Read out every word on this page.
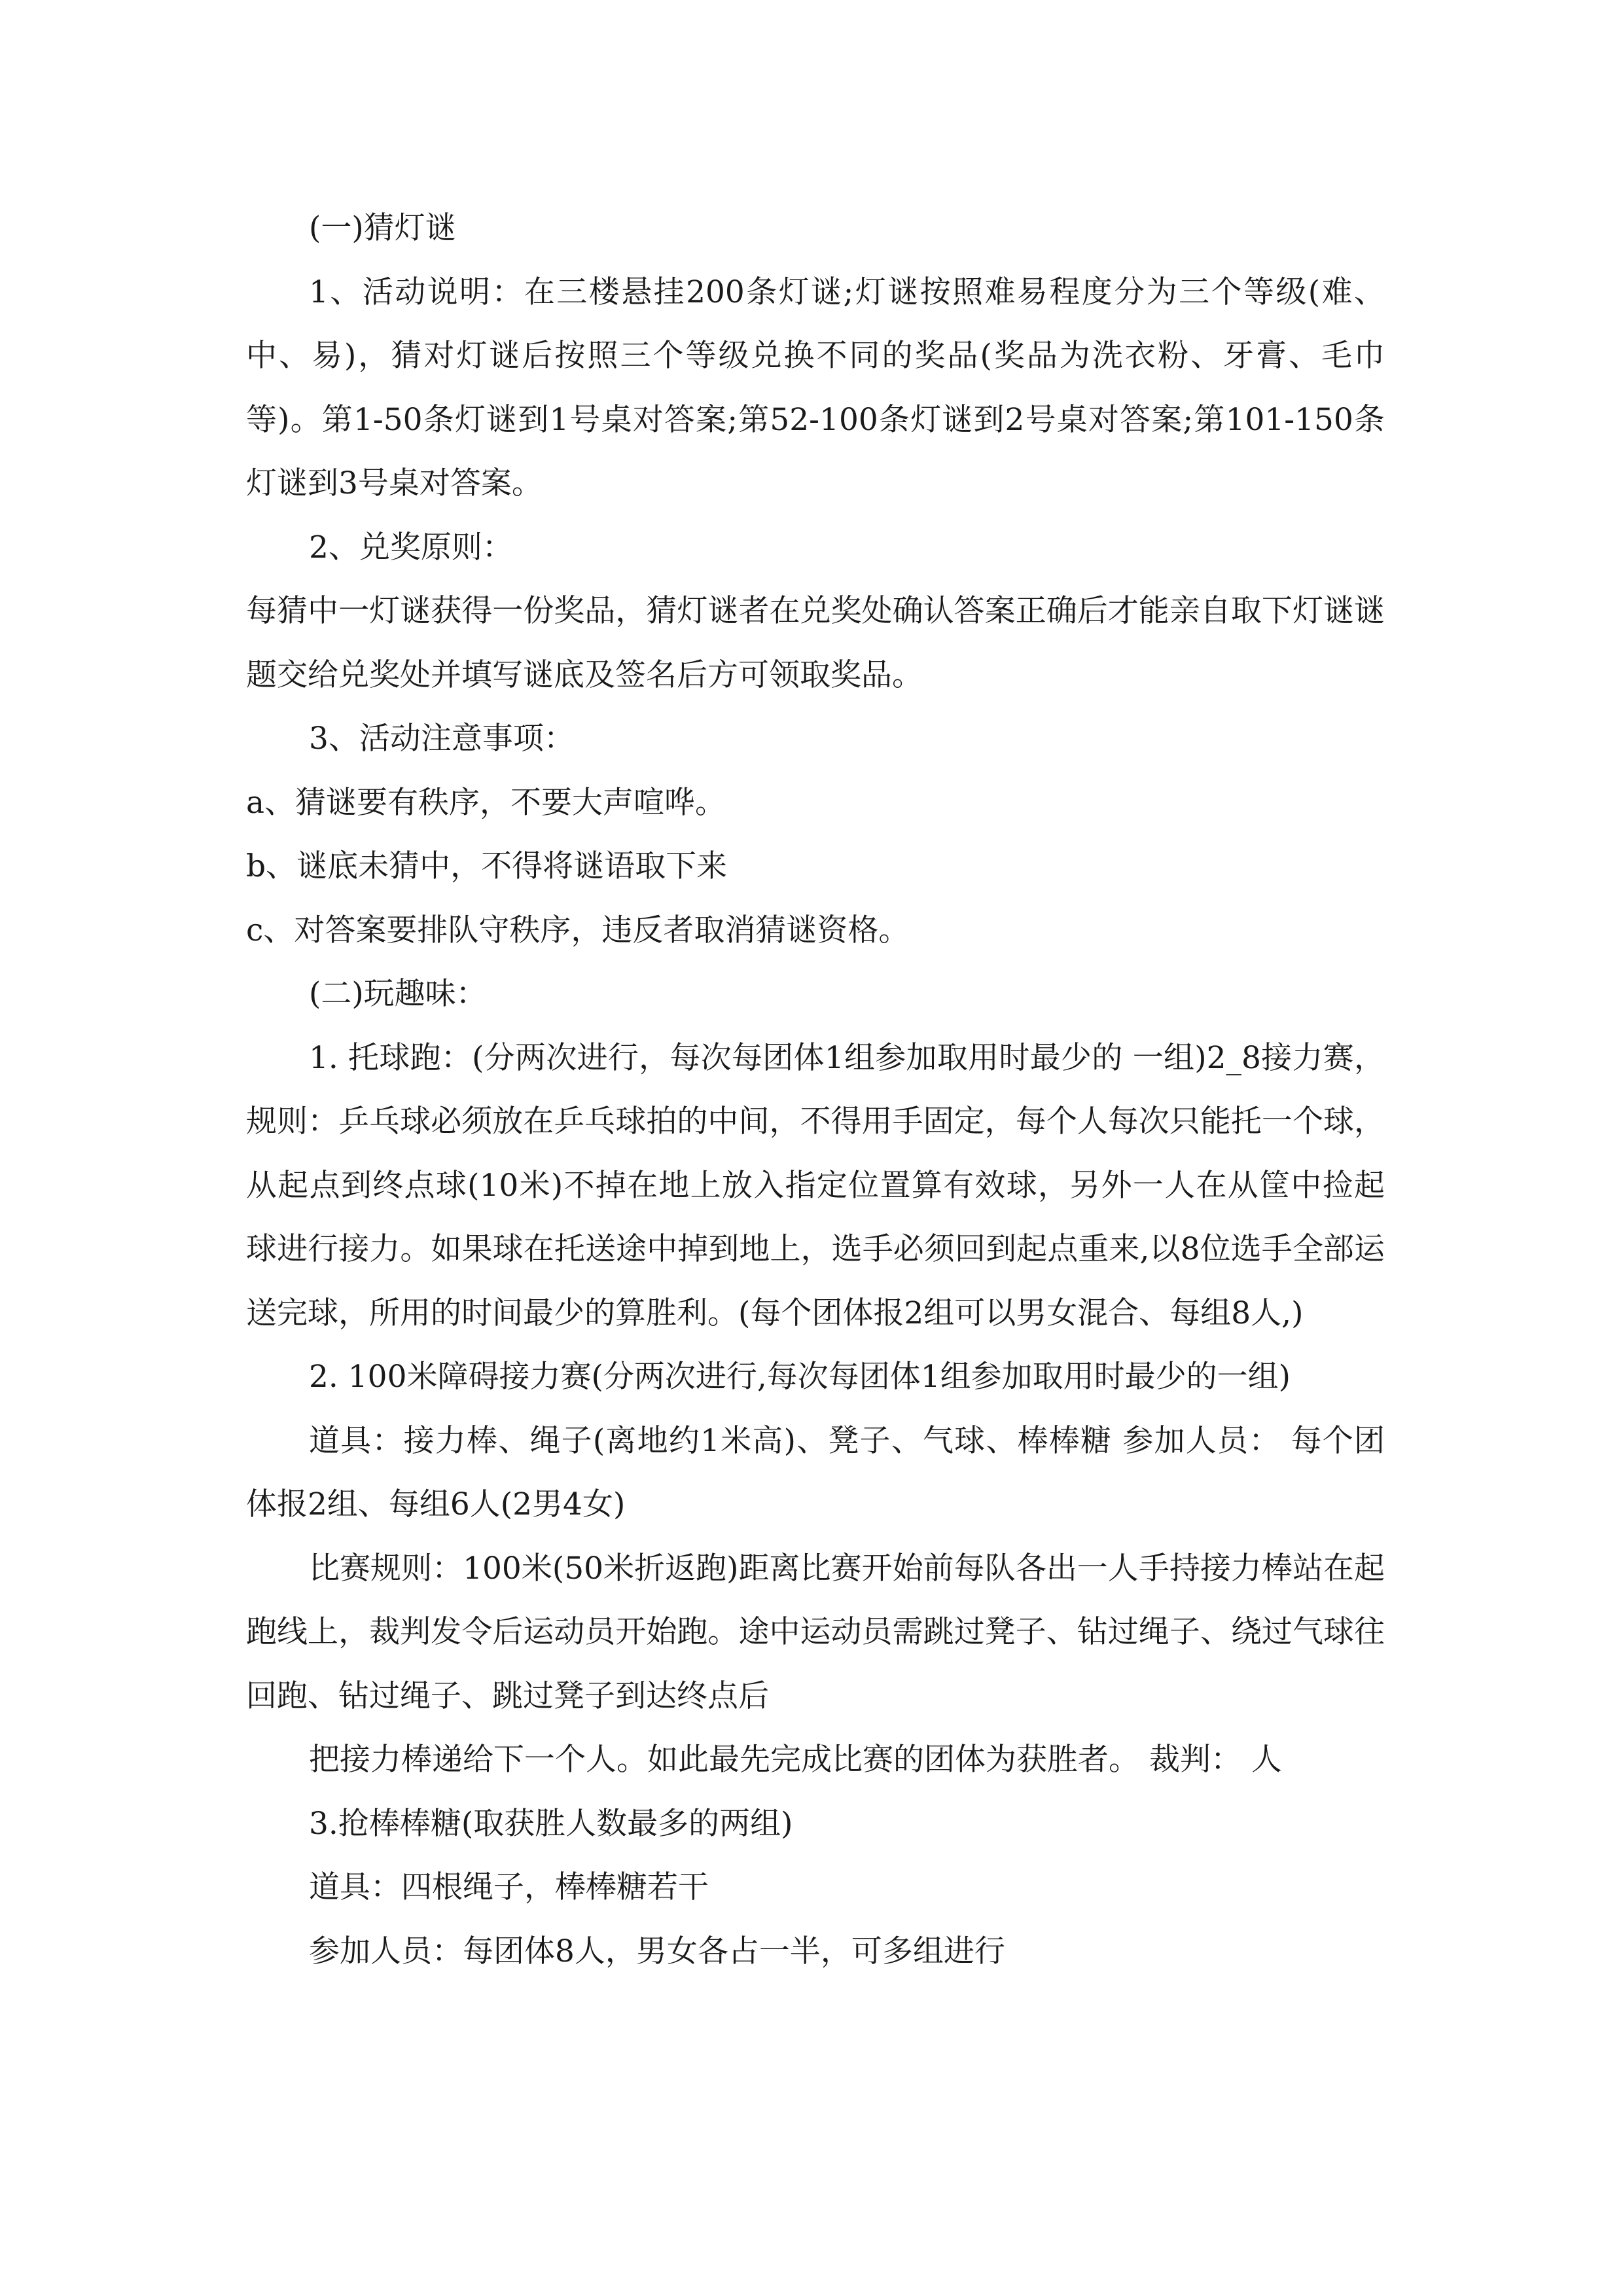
(一)猜灯谜

1、活动说明：在三楼悬挂200条灯谜;灯谜按照难易程度分为三个等级(难、中、易)，猜对灯谜后按照三个等级兑换不同的奖品(奖品为洗衣粉、牙膏、毛巾等)。第1-50条灯谜到1号桌对答案;第52-100条灯谜到2号桌对答案;第101-150条灯谜到3号桌对答案。

2、兑奖原则：

每猜中一灯谜获得一份奖品，猜灯谜者在兑奖处确认答案正确后才能亲自取下灯谜谜题交给兑奖处并填写谜底及签名后方可领取奖品。

3、活动注意事项：

a、猜谜要有秩序，不要大声喧哗。

b、谜底未猜中，不得将谜语取下来

c、对答案要排队守秩序，违反者取消猜谜资格。

(二)玩趣味：

1. 托球跑：(分两次进行，每次每团体1组参加取用时最少的 一组)2_8接力赛，规则：乒乓球必须放在乒乓球拍的中间，不得用手固定，每个人每次只能托一个球，从起点到终点球(10米)不掉在地上放入指定位置算有效球，另外一人在从筐中捡起球进行接力。如果球在托送途中掉到地上，选手必须回到起点重来,以8位选手全部运送完球，所用的时间最少的算胜利。(每个团体报2组可以男女混合、每组8人,)

2. 100米障碍接力赛(分两次进行,每次每团体1组参加取用时最少的一组)

道具：接力棒、绳子(离地约1米高)、凳子、气球、棒棒糖 参加人员： 每个团体报2组、每组6人(2男4女)

比赛规则：100米(50米折返跑)距离比赛开始前每队各出一人手持接力棒站在起跑线上，裁判发令后运动员开始跑。途中运动员需跳过凳子、钻过绳子、绕过气球往回跑、钻过绳子、跳过凳子到达终点后

把接力棒递给下一个人。如此最先完成比赛的团体为获胜者。 裁判： 人

3.抢棒棒糖(取获胜人数最多的两组)

道具：四根绳子，棒棒糖若干

参加人员：每团体8人，男女各占一半，可多组进行
